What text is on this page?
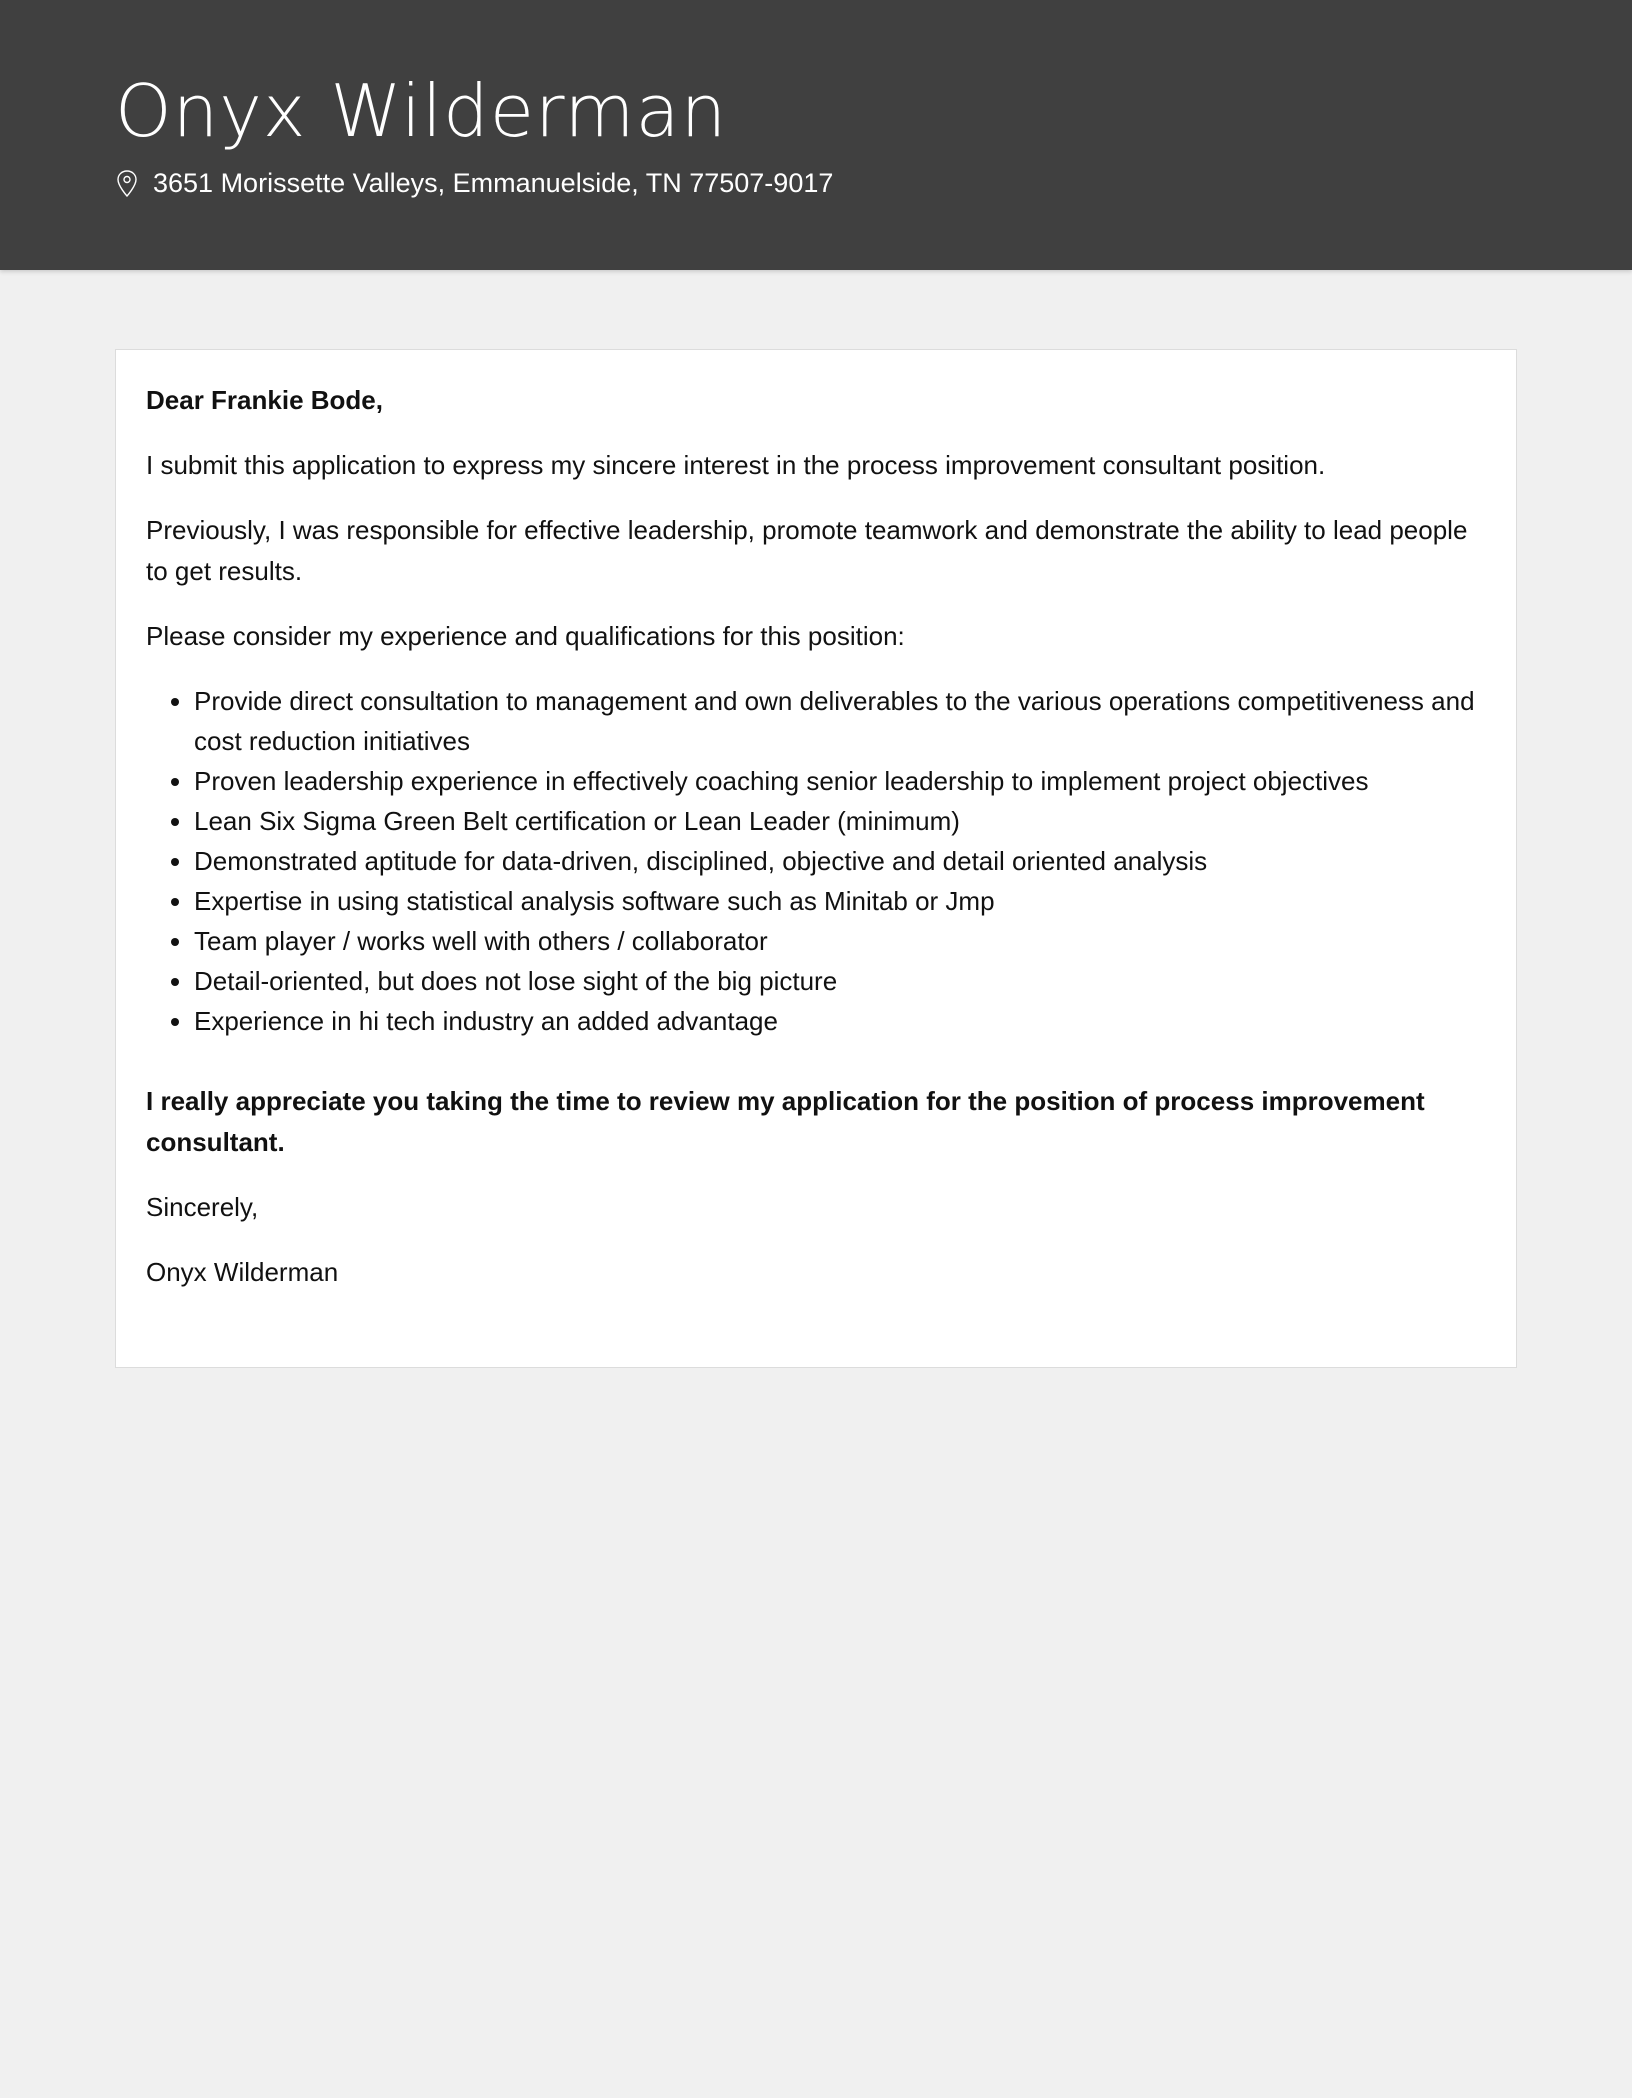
Onyx Wilderman
3651 Morissette Valleys, Emmanuelside, TN 77507-9017

Dear Frankie Bode,

I submit this application to express my sincere interest in the process improvement consultant position.

Previously, I was responsible for effective leadership, promote teamwork and demonstrate the ability to lead people to get results.

Please consider my experience and qualifications for this position:

• Provide direct consultation to management and own deliverables to the various operations competitiveness and cost reduction initiatives
• Proven leadership experience in effectively coaching senior leadership to implement project objectives
• Lean Six Sigma Green Belt certification or Lean Leader (minimum)
• Demonstrated aptitude for data-driven, disciplined, objective and detail oriented analysis
• Expertise in using statistical analysis software such as Minitab or Jmp
• Team player / works well with others / collaborator
• Detail-oriented, but does not lose sight of the big picture
• Experience in hi tech industry an added advantage

I really appreciate you taking the time to review my application for the position of process improvement consultant.

Sincerely,

Onyx Wilderman
